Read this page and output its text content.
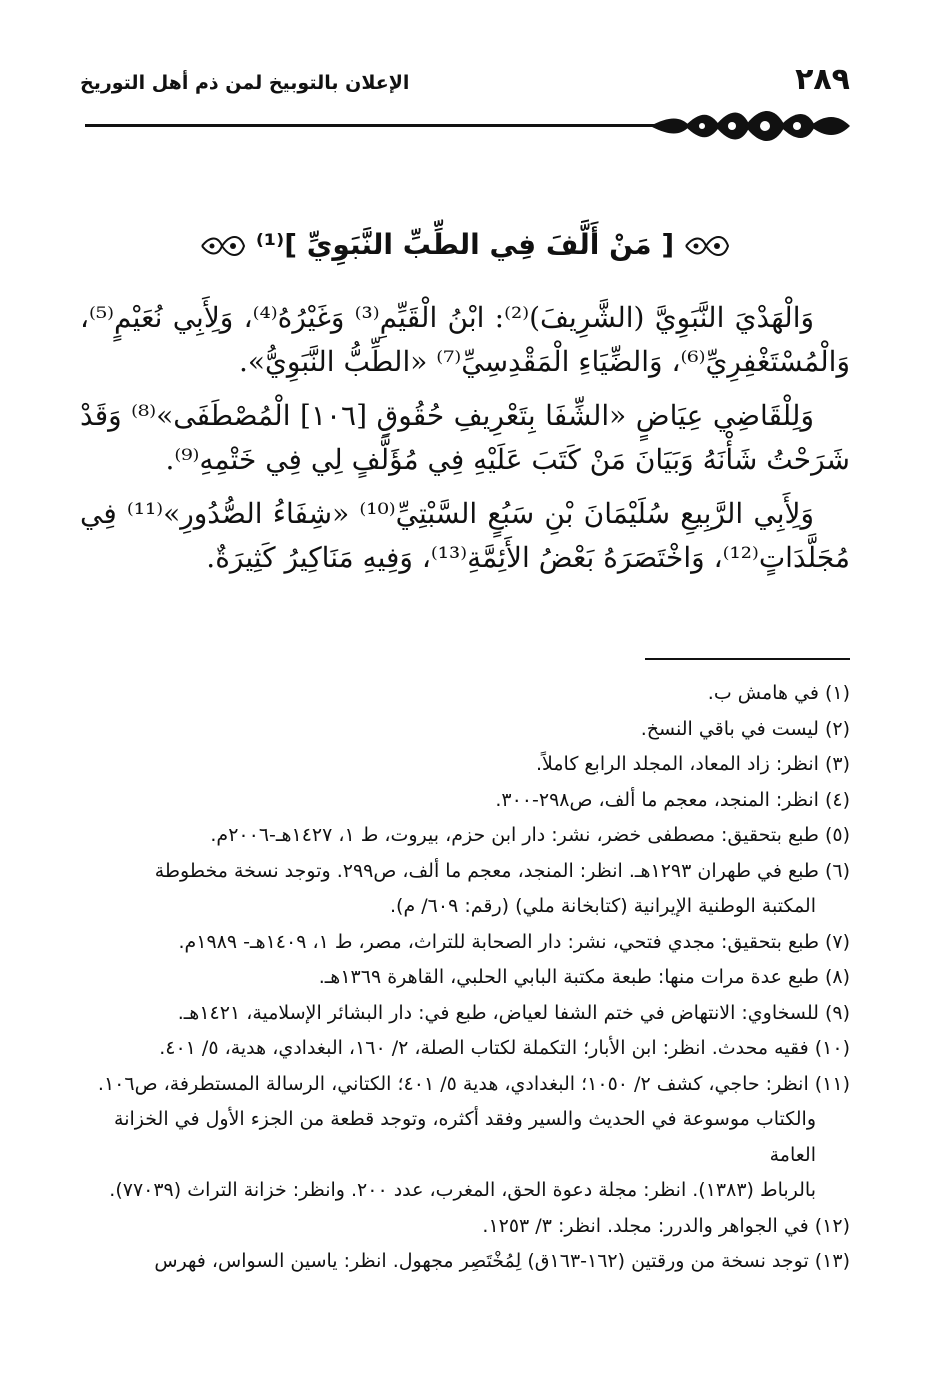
٢٨٩
الإعلان بالتوبيخ لمن ذم أهل التوريخ
[ مَنْ أَلَّفَ فِي الطِّبِّ النَّبَوِيِّ ]⁽¹⁾

وَالْهَدْيَ النَّبَوِيَّ (الشَّرِيفَ)⁽²⁾: ابْنُ الْقَيِّمِ⁽³⁾ وَغَيْرُهُ⁽⁴⁾، وَلِأَبِي نُعَيْمٍ⁽⁵⁾، وَالْمُسْتَغْفِرِيِّ⁽⁶⁾، وَالضِّيَاءِ الْمَقْدِسِيِّ⁽⁷⁾ «الطِّبُّ النَّبَوِيُّ».

وَلِلْقَاضِي عِيَاضٍ «الشِّفَا بِتَعْرِيفِ حُقُوقِ [١٠٦] الْمُصْطَفَى»⁽⁸⁾ وَقَدْ شَرَحْتُ شَأْنَهُ وَبَيَانَ مَنْ كَتَبَ عَلَيْهِ فِي مُؤَلَّفٍ لِي فِي خَتْمِهِ⁽⁹⁾.

وَلِأَبِي الرَّبِيعِ سُلَيْمَانَ بْنِ سَبُعٍ السَّبْتِيِّ⁽¹⁰⁾ «شِفَاءُ الصُّدُورِ»⁽¹¹⁾ فِي مُجَلَّدَاتٍ⁽¹²⁾، وَاخْتَصَرَهُ بَعْضُ الأَئِمَّةِ⁽¹³⁾، وَفِيهِ مَنَاكِيرُ كَثِيرَةٌ.

(١)في هامش ب.

(٢)ليست في باقي النسخ.

(٣)انظر: زاد المعاد، المجلد الرابع كاملاً.

(٤)انظر: المنجد، معجم ما ألف، ص٢٩٨-٣٠٠.

(٥)طبع بتحقيق: مصطفى خضر، نشر: دار ابن حزم، بيروت، ط ١، ١٤٢٧هـ-٢٠٠٦م.

(٦)طبع في طهران ١٢٩٣هـ. انظر: المنجد، معجم ما ألف، ص٢٩٩. وتوجد نسخة مخطوطة

المكتبة الوطنية الإيرانية (كتابخانة ملي) (رقم: ٦٠٩/ م).

(٧)طبع بتحقيق: مجدي فتحي، نشر: دار الصحابة للتراث، مصر، ط ١، ١٤٠٩هـ- ١٩٨٩م.

(٨)طبع عدة مرات منها: طبعة مكتبة البابي الحلبي، القاهرة ١٣٦٩هـ.

(٩)للسخاوي: الانتهاض في ختم الشفا لعياض، طبع في: دار البشائر الإسلامية، ١٤٢١هـ.

(١٠)فقيه محدث. انظر: ابن الأبار؛ التكملة لكتاب الصلة، ٢/ ١٦٠، البغدادي، هدية، ٥/ ٤٠١.

(١١)انظر: حاجي، كشف ٢/ ١٠٥٠؛ البغدادي، هدية ٥/ ٤٠١؛ الكتاني، الرسالة المستطرفة، ص١٠٦.

والكتاب موسوعة في الحديث والسير وفقد أكثره، وتوجد قطعة من الجزء الأول في الخزانة العامة

بالرباط (١٣٨٣). انظر: مجلة دعوة الحق، المغرب، عدد ٢٠٠. وانظر: خزانة التراث (٧٧٠٣٩).

(١٢)في الجواهر والدرر: مجلد. انظر: ٣/ ١٢٥٣.

(١٣)توجد نسخة من ورقتين (١٦٢-١٦٣ق) لِمُخْتَصِر مجهول. انظر: ياسين السواس، فهرس
